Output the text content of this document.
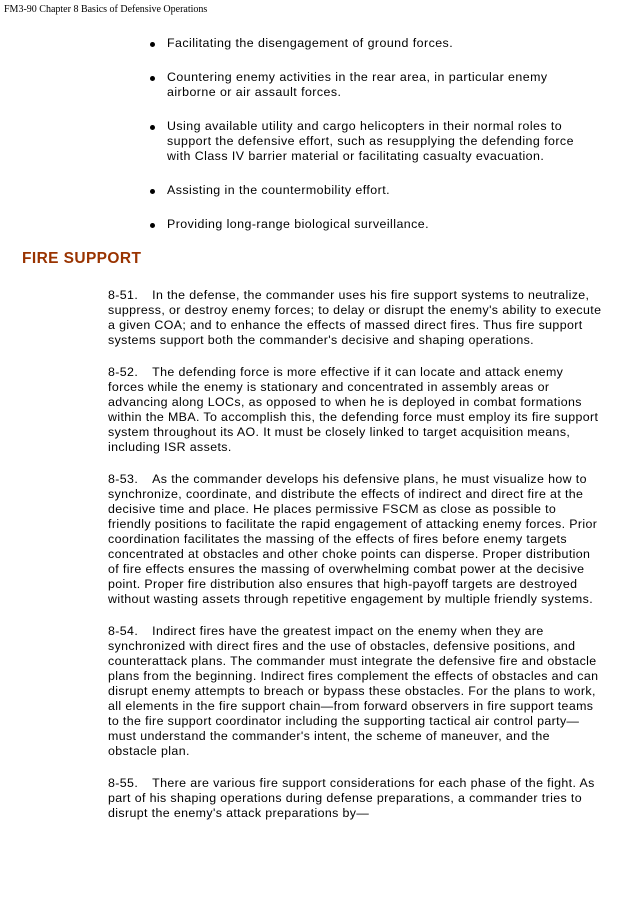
FM3-90 Chapter 8 Basics of Defensive Operations
Facilitating the disengagement of ground forces.
Countering enemy activities in the rear area, in particular enemy airborne or air assault forces.
Using available utility and cargo helicopters in their normal roles to support the defensive effort, such as resupplying the defending force with Class IV barrier material or facilitating casualty evacuation.
Assisting in the countermobility effort.
Providing long-range biological surveillance.
FIRE SUPPORT

8-51. In the defense, the commander uses his fire support systems to neutralize, suppress, or destroy enemy forces; to delay or disrupt the enemy's ability to execute a given COA; and to enhance the effects of massed direct fires. Thus fire support systems support both the commander's decisive and shaping operations.

8-52. The defending force is more effective if it can locate and attack enemy forces while the enemy is stationary and concentrated in assembly areas or advancing along LOCs, as opposed to when he is deployed in combat formations within the MBA. To accomplish this, the defending force must employ its fire support system throughout its AO. It must be closely linked to target acquisition means, including ISR assets.

8-53. As the commander develops his defensive plans, he must visualize how to synchronize, coordinate, and distribute the effects of indirect and direct fire at the decisive time and place. He places permissive FSCM as close as possible to friendly positions to facilitate the rapid engagement of attacking enemy forces. Prior coordination facilitates the massing of the effects of fires before enemy targets concentrated at obstacles and other choke points can disperse. Proper distribution of fire effects ensures the massing of overwhelming combat power at the decisive point. Proper fire distribution also ensures that high-payoff targets are destroyed without wasting assets through repetitive engagement by multiple friendly systems.

8-54. Indirect fires have the greatest impact on the enemy when they are synchronized with direct fires and the use of obstacles, defensive positions, and counterattack plans. The commander must integrate the defensive fire and obstacle plans from the beginning. Indirect fires complement the effects of obstacles and can disrupt enemy attempts to breach or bypass these obstacles. For the plans to work, all elements in the fire support chain—from forward observers in fire support teams to the fire support coordinator including the supporting tactical air control party—must understand the commander's intent, the scheme of maneuver, and the obstacle plan.

8-55. There are various fire support considerations for each phase of the fight. As part of his shaping operations during defense preparations, a commander tries to disrupt the enemy's attack preparations by—
